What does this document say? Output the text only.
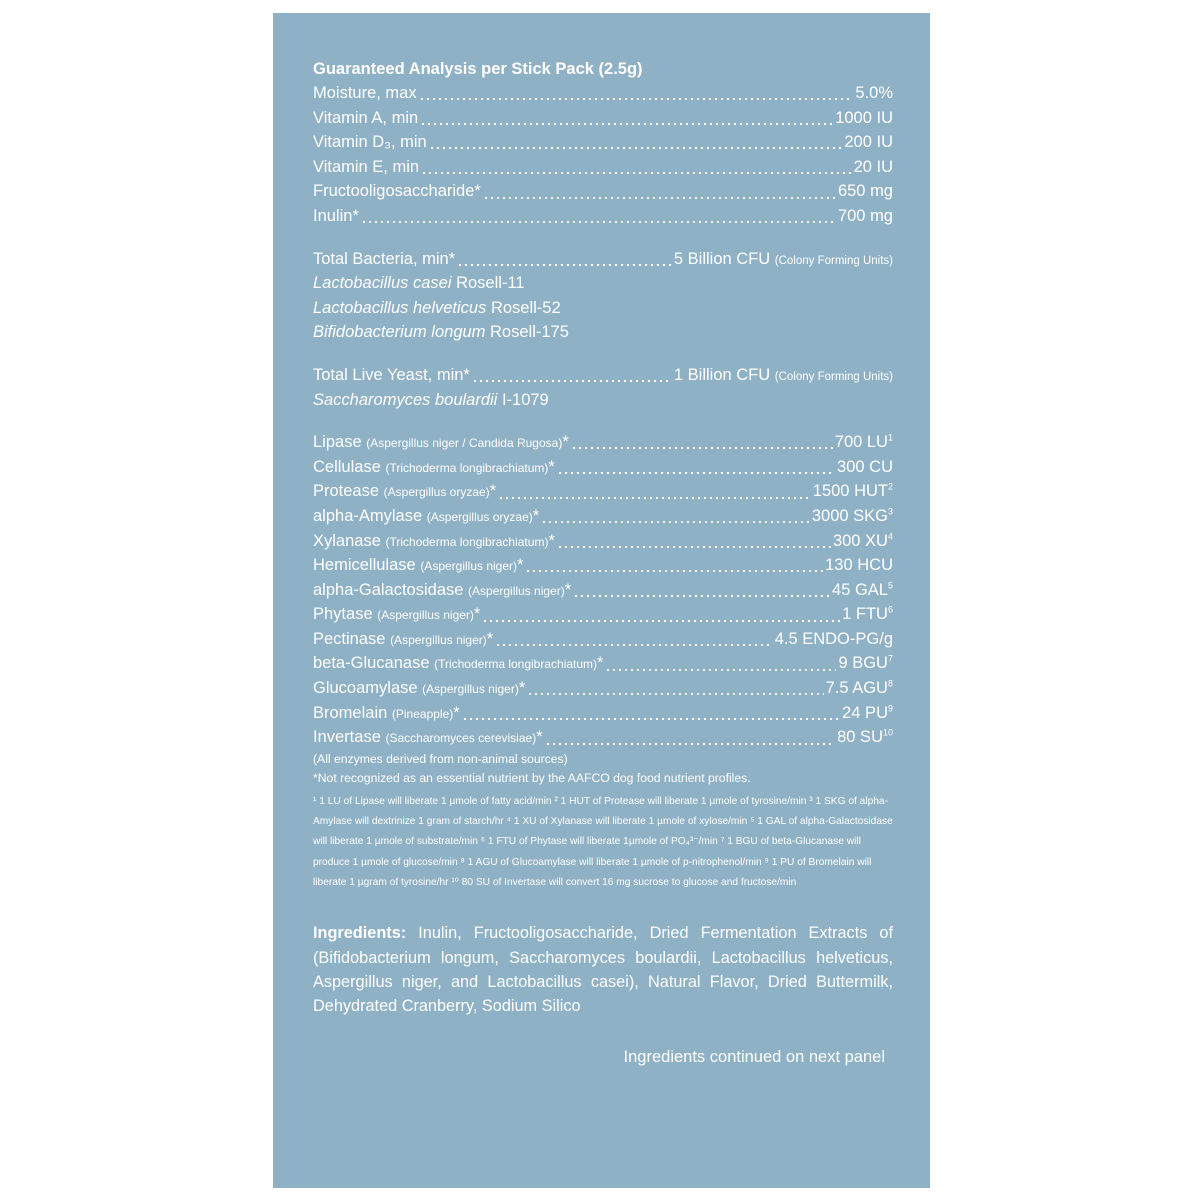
Guaranteed Analysis per Stick Pack (2.5g)
Moisture, max	5.0%
Vitamin A, min	1000 IU
Vitamin D₃, min	200 IU
Vitamin E, min	20 IU
Fructooligosaccharide*	650 mg
Inulin*	700 mg
Total Bacteria, min*	5 Billion CFU (Colony Forming Units)
Lactobacillus casei Rosell-11
Lactobacillus helveticus Rosell-52
Bifidobacterium longum Rosell-175
Total Live Yeast, min*	1 Billion CFU (Colony Forming Units)
Saccharomyces boulardii I-1079
Lipase (Aspergillus niger / Candida Rugosa)*	700 $LU^1$
Cellulase (Trichoderma longibrachiatum)*	300 CU
Protease (Aspergillus oryzae)*	1500 HUT$^2$
alpha-Amylase (Aspergillus oryzae)*	3000 SKG$^3$
Xylanase (Trichoderma longibrachiatum)*	300 $XU^4$
Hemicellulase (Aspergillus niger)*	130 HCU
alpha-Galactosidase (Aspergillus niger)*	45 GAL$^5$
Phytase (Aspergillus niger)*	1 FTU$^6$
Pectinase (Aspergillus niger)*	4.5 ENDO-PG/g
beta-Glucanase (Trichoderma longibrachiatum)*	9 BGU$^7$
Glucoamylase (Aspergillus niger)*	7.5 AGU$^8$
Bromelain (Pineapple)*	24 $PU^9$
Invertase (Saccharomyces cerevisiae)*	80 SU$^{10}$
(All enzymes derived from non-animal sources)
*Not recognized as an essential nutrient by the AAFCO dog food nutrient profiles.
¹ 1 LU of Lipase will liberate 1 µmole of fatty acid/min ² 1 HUT of Protease will liberate 1 µmole of tyrosine/min ³ 1 SKG of alpha-Amylase will dextrinize 1 gram of starch/hr ⁴ 1 XU of Xylanase will liberate 1 µmole of xylose/min ⁵ 1 GAL of alpha-Galactosidase will liberate 1 µmole of substrate/min ⁶ 1 FTU of Phytase will liberate 1µmole of PO₄³⁻/min ⁷ 1 BGU of beta-Glucanase will produce 1 µmole of glucose/min ⁸ 1 AGU of Glucoamylase will liberate 1 µmole of p-nitrophenol/min ⁹ 1 PU of Bromelain will liberate 1 µgram of tyrosine/hr ¹⁰ 80 SU of Invertase will convert 16 mg sucrose to glucose and fructose/min
Ingredients: Inulin, Fructooligosaccharide, Dried Fermentation Extracts of (Bifidobacterium longum, Saccharomyces boulardii, Lactobacillus helveticus, Aspergillus niger, and Lactobacillus casei), Natural Flavor, Dried Buttermilk, Dehydrated Cranberry, Sodium Silico
Ingredients continued on next panel
